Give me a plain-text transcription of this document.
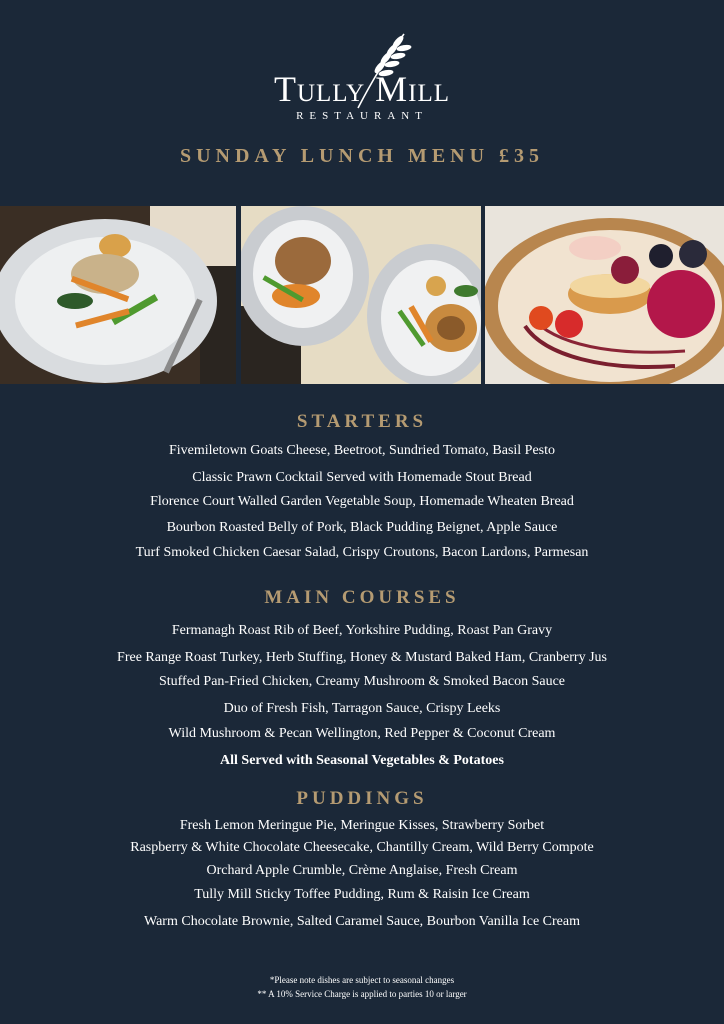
Tully Mill
RESTAURANT
SUNDAY LUNCH MENU £35
STARTERS
Fivemiletown Goats Cheese, Beetroot, Sundried Tomato, Basil Pesto
Classic Prawn Cocktail Served with Homemade Stout Bread
Florence Court Walled Garden Vegetable Soup, Homemade Wheaten Bread
Bourbon Roasted Belly of Pork, Black Pudding Beignet, Apple Sauce
Turf Smoked Chicken Caesar Salad, Crispy Croutons, Bacon Lardons, Parmesan
MAIN COURSES
Fermanagh Roast Rib of Beef, Yorkshire Pudding, Roast Pan Gravy
Free Range Roast Turkey, Herb Stuffing, Honey & Mustard Baked Ham, Cranberry Jus
Stuffed Pan-Fried Chicken, Creamy Mushroom & Smoked Bacon Sauce
Duo of Fresh Fish, Tarragon Sauce, Crispy Leeks
Wild Mushroom & Pecan Wellington, Red Pepper & Coconut Cream
All Served with Seasonal Vegetables & Potatoes
PUDDINGS
Fresh Lemon Meringue Pie, Meringue Kisses, Strawberry Sorbet
Raspberry & White Chocolate Cheesecake, Chantilly Cream, Wild Berry Compote
Orchard Apple Crumble, Crème Anglaise, Fresh Cream
Tully Mill Sticky Toffee Pudding, Rum & Raisin Ice Cream
Warm Chocolate Brownie, Salted Caramel Sauce, Bourbon Vanilla Ice Cream
*Please note dishes are subject to seasonal changes
** A 10% Service Charge is applied to parties 10 or larger
